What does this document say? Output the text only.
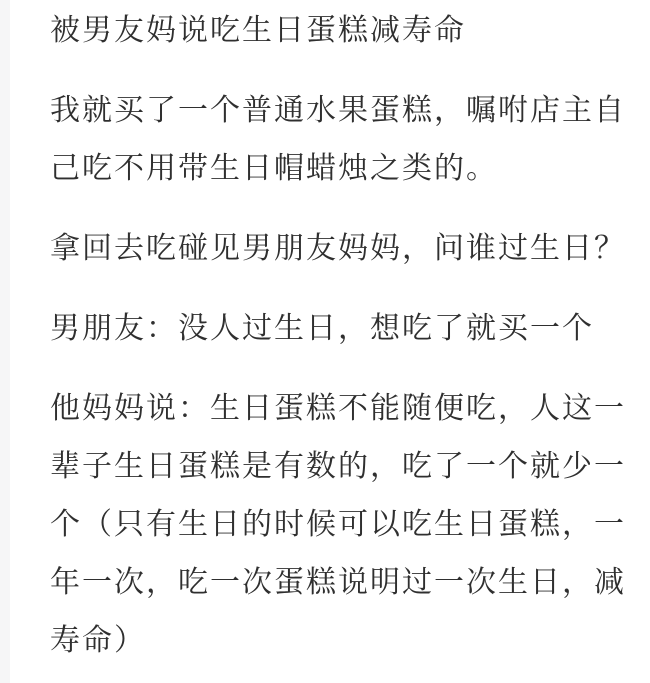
被男友妈说吃生日蛋糕减寿命

我就买了一个普通水果蛋糕，嘱咐店主自己吃不用带生日帽蜡烛之类的。

拿回去吃碰见男朋友妈妈，问谁过生日？

男朋友：没人过生日，想吃了就买一个

他妈妈说：生日蛋糕不能随便吃，人这一辈子生日蛋糕是有数的，吃了一个就少一个（只有生日的时候可以吃生日蛋糕，一年一次，吃一次蛋糕说明过一次生日，减寿命）
